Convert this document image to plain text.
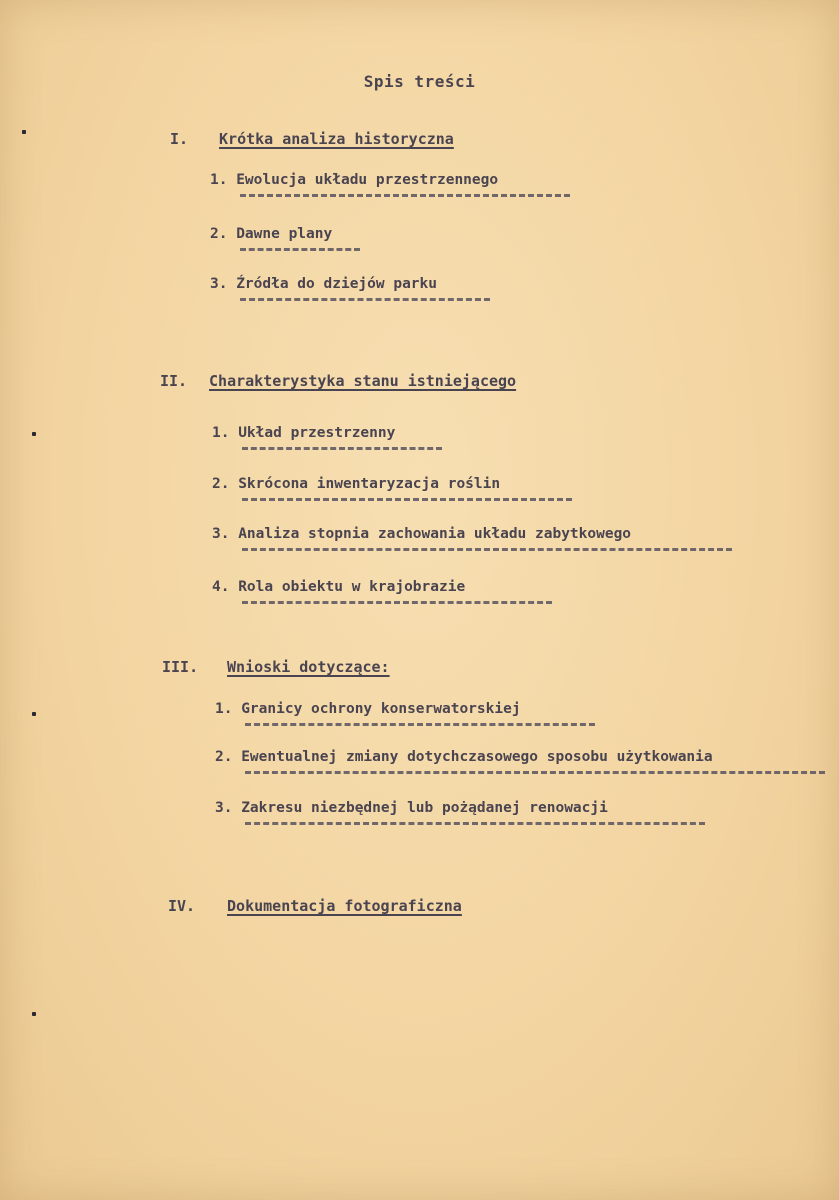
Spis treści
I. Krótka analiza historyczna
1. Ewolucja układu przestrzennego
2. Dawne plany
3. Źródła do dziejów parku
II. Charakterystyka stanu istniejącego
1. Układ przestrzenny
2. Skrócona inwentaryzacja roślin
3. Analiza stopnia zachowania układu zabytkowego
4. Rola obiektu w krajobrazie
III. Wnioski dotyczące:
1. Granicy ochrony konserwatorskiej
2. Ewentualnej zmiany dotychczasowego sposobu użytkowania
3. Zakresu niezbędnej lub pożądanej renowacji
IV. Dokumentacja fotograficzna
